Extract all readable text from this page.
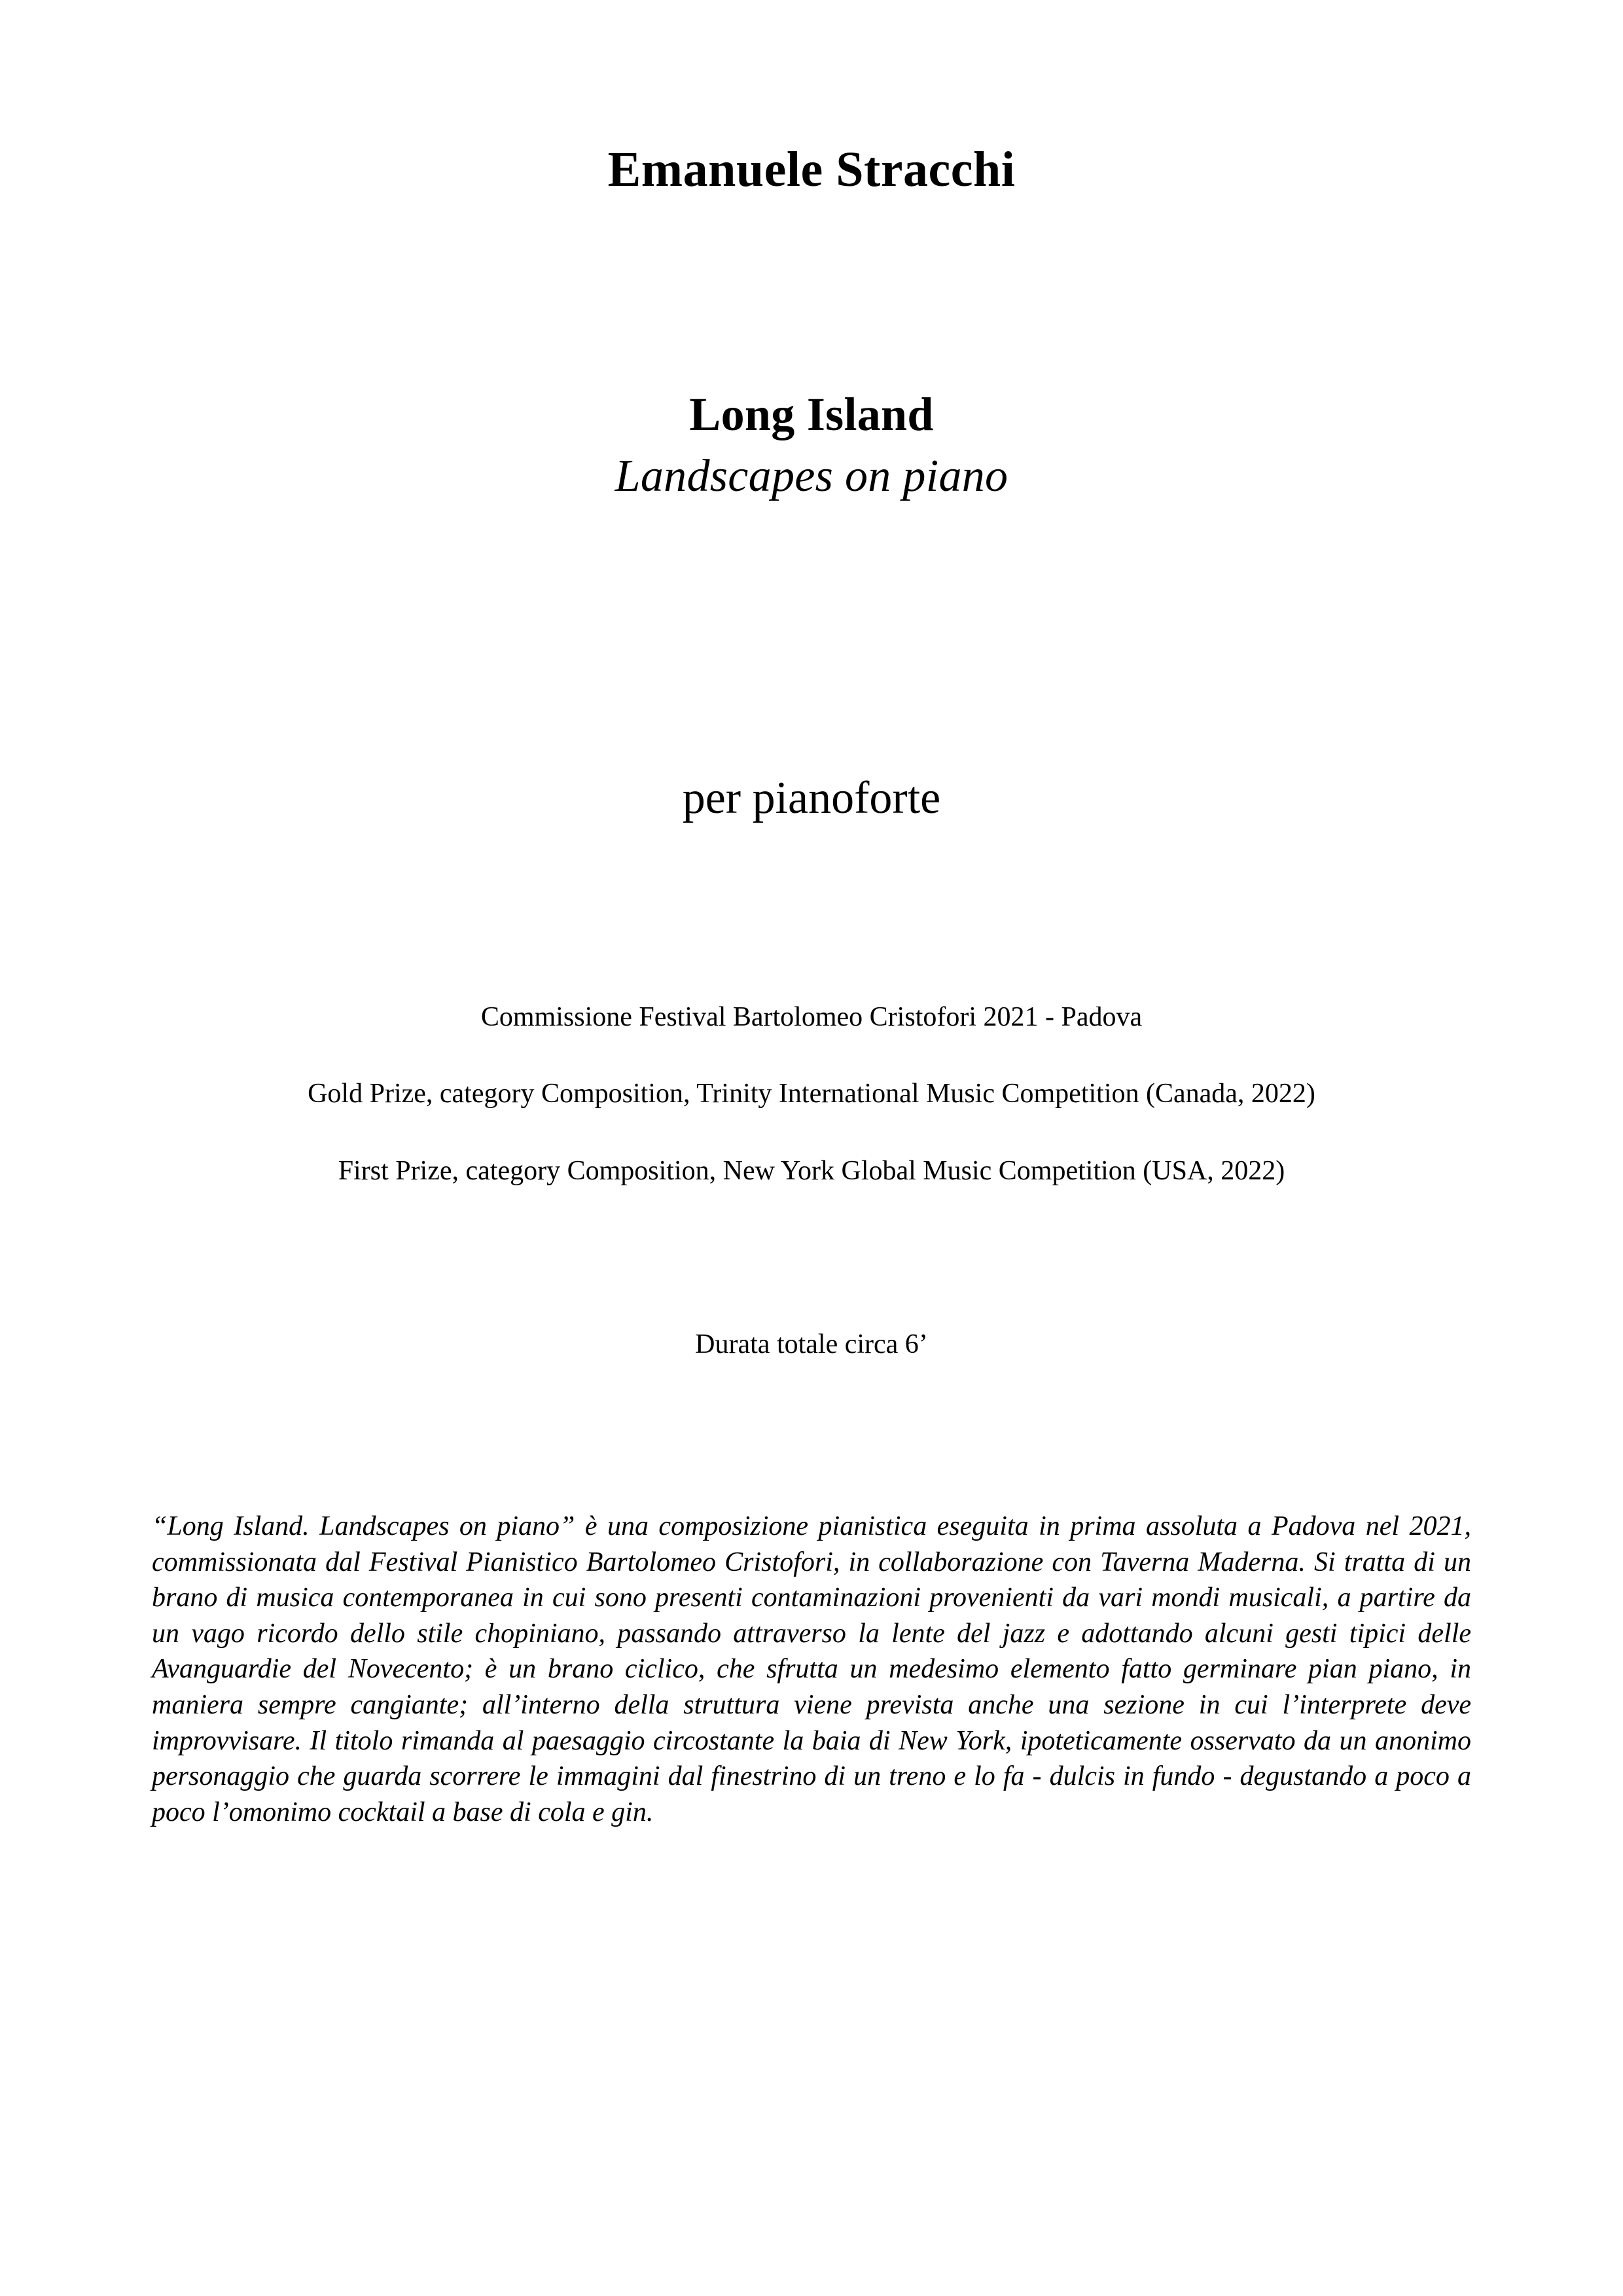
Emanuele Stracchi
Long Island
Landscapes on piano
per pianoforte
Commissione Festival Bartolomeo Cristofori 2021 - Padova
Gold Prize, category Composition, Trinity International Music Competition (Canada, 2022)
First Prize, category Composition, New York Global Music Competition (USA, 2022)
Durata totale circa 6’
“Long Island. Landscapes on piano” è una composizione pianistica eseguita in prima assoluta a Padova nel 2021, commissionata dal Festival Pianistico Bartolomeo Cristofori, in collaborazione con Taverna Maderna. Si tratta di un brano di musica contemporanea in cui sono presenti contaminazioni provenienti da vari mondi musicali, a partire da un vago ricordo dello stile chopiniano, passando attraverso la lente del jazz e adottando alcuni gesti tipici delle Avanguardie del Novecento; è un brano ciclico, che sfrutta un medesimo elemento fatto germinare pian piano, in maniera sempre cangiante; all’interno della struttura viene prevista anche una sezione in cui l’interprete deve improvvisare. Il titolo rimanda al paesaggio circostante la baia di New York, ipoteticamente osservato da un anonimo personaggio che guarda scorrere le immagini dal finestrino di un treno e lo fa - dulcis in fundo - degustando a poco a poco l’omonimo cocktail a base di cola e gin.
